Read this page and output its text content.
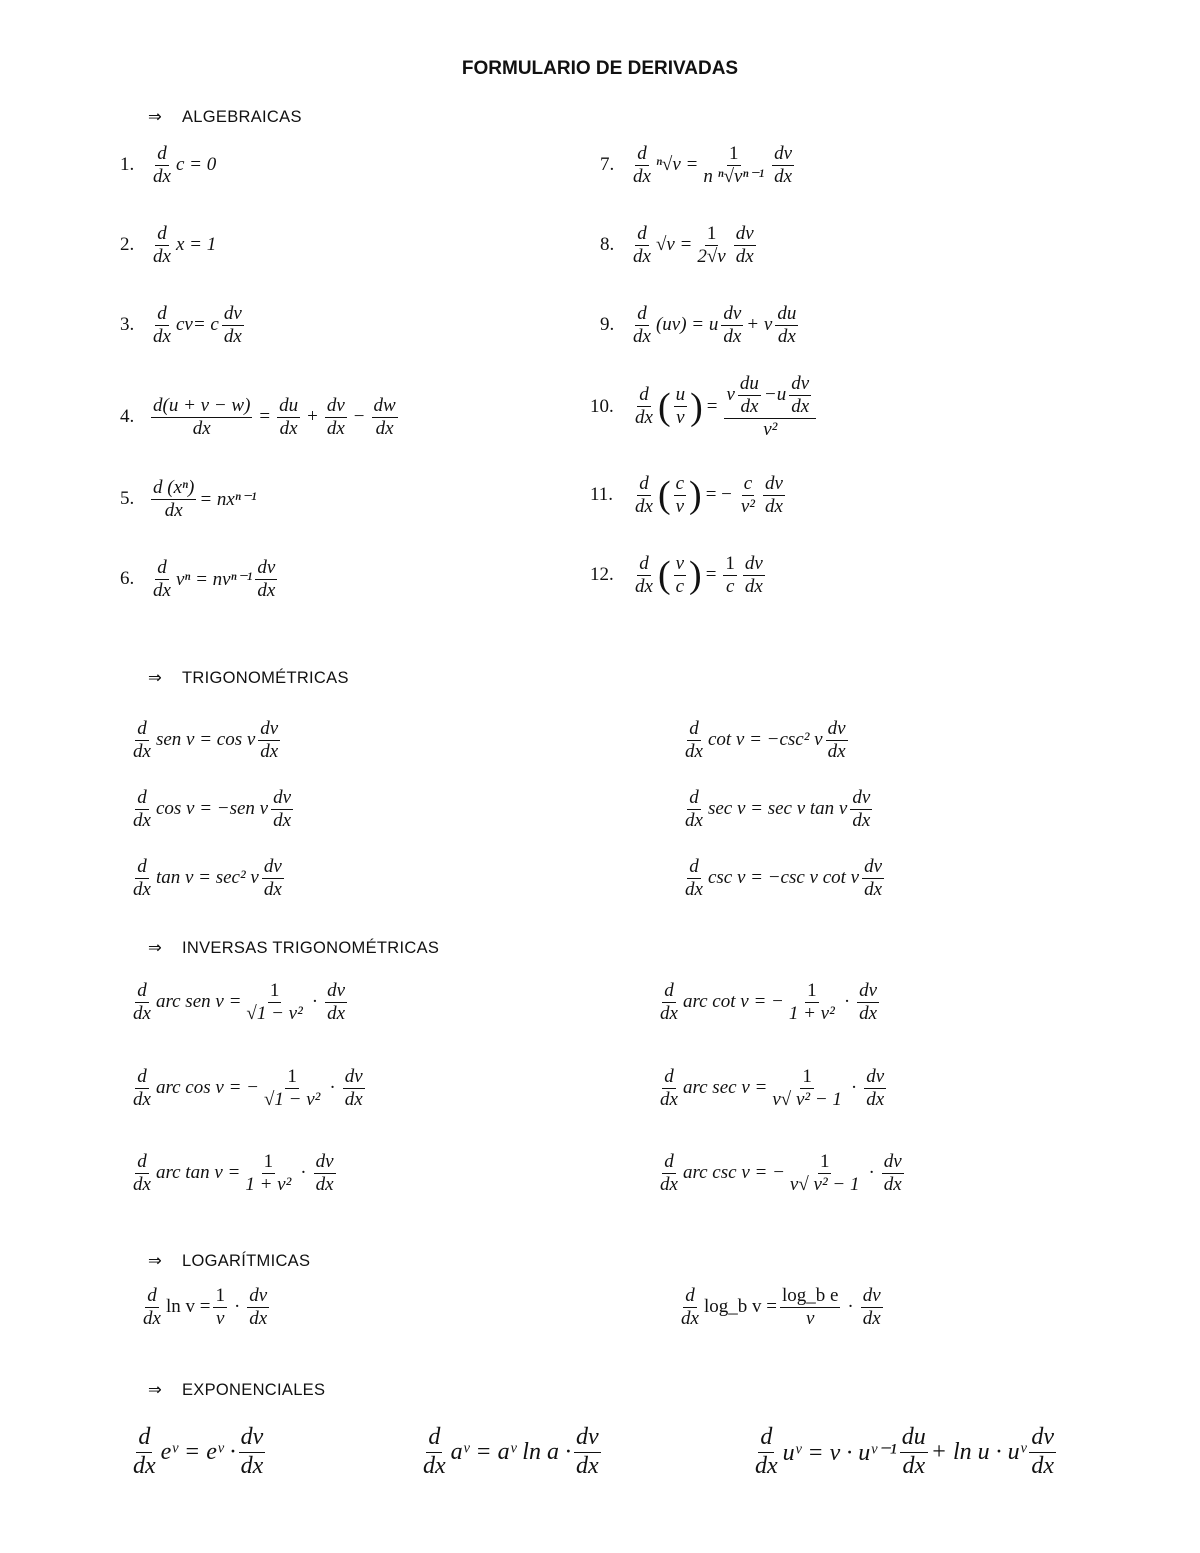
FORMULARIO DE DERIVADAS
⇒ ALGEBRAICAS
1. $\frac{d}{dx}$ c = 0	7. $\frac{d}{dx} ^n√v = \frac{1}{\text{n ⁿ√vⁿ⁻¹}} \frac{dv}{dx}$
2. $\frac{d}{dx}$ x = 1	8. $\frac{d}{dx} √v = \frac{1}{2√v} \frac{dv}{dx}$
3. $\frac{d}{dx}$ cv = c $\frac{dv}{dx}$	9. $\frac{d}{dx} (uv) = u \frac{dv}{dx} + v \frac{du}{dx}$
4. $\frac{d(u + v - w)}{dx} = \frac{du}{dx} + \frac{dv}{dx} - \frac{dw}{dx}$	10.	$\frac{d}{dx}$ ( $\frac{u}{v}$ ) = $\frac{v \frac{du}{dx} - u \frac{dv}{dx}}{\text{v²}}$
5. $\frac{\text{d (xⁿ)}}{dx} = nx^{n-1}$	11.	$\frac{d}{dx}$ ( $\frac{c}{v}$ ) = − $\frac{c}{\text{v²}} \frac{dv}{dx}$
6. $\frac{d}{dx}$ $v^n = nv^{n-1} \frac{dv}{dx}$	12.	$\frac{d}{dx}$ ( $\frac{v}{c}$ ) = $\frac{1}{c} \frac{dv}{dx}$
⇒ TRIGONOMÉTRICAS
$\frac{d}{dx}$ sen v = cos v $\frac{dv}{dx}$	$\frac{d}{dx}$ cot v = −csc² v $\frac{dv}{dx}$
$\frac{d}{dx}$ cos v = −sen v $\frac{dv}{dx}$	$\frac{d}{dx}$ sec v = sec v tan v $\frac{dv}{dx}$
$\frac{d}{dx}$ tan v = sec² v $\frac{dv}{dx}$	$\frac{d}{dx}$ csc v = −csc v cot v $\frac{dv}{dx}$
⇒ INVERSAS TRIGONOMÉTRICAS
$\frac{d}{dx}$ arc sen $v = \frac{1}{\text{√1 − v²}} \cdot \frac{dv}{dx}$	$\frac{d}{dx}$ arc cot v = − $\frac{1}{\text{1 + v²}} \cdot \frac{dv}{dx}$
$\frac{d}{dx}$ arc cos v = − $\frac{1}{\text{√1 − v²}} \cdot \frac{dv}{dx}$	$\frac{d}{dx}$ arc $\sec v = \frac{1}{\text{v√ v² − 1}} \cdot \frac{dv}{dx}$
$\frac{d}{dx}$ arc $\tan v = \frac{1}{\text{1 + v²}} \cdot \frac{dv}{dx}$	$\frac{d}{dx}$ arc csc v = − $\frac{1}{\text{v√ v² − 1}} \cdot \frac{dv}{dx}$
⇒ LOGARÍTMICAS
$\frac{d}{dx}$ $\ln v = \frac{1}{v} \cdot \frac{dv}{dx}$	$\frac{d}{dx}$ log_b $v = \frac{\text{log\_b e}}{v} \cdot \frac{dv}{dx}$
⇒ EXPONENCIALES
$\frac{d}{dx}$ eᵛ = eᵛ · $\frac{dv}{dx}$	$\frac{d}{dx}$ aᵛ = aᵛ $\ln a \cdot \frac{dv}{dx}$	$\frac{d}{dx}$ uᵛ = v · uᵛ⁻¹ $\frac{du}{dx} + \ln u$ · uᵛ $\frac{dv}{dx}$
